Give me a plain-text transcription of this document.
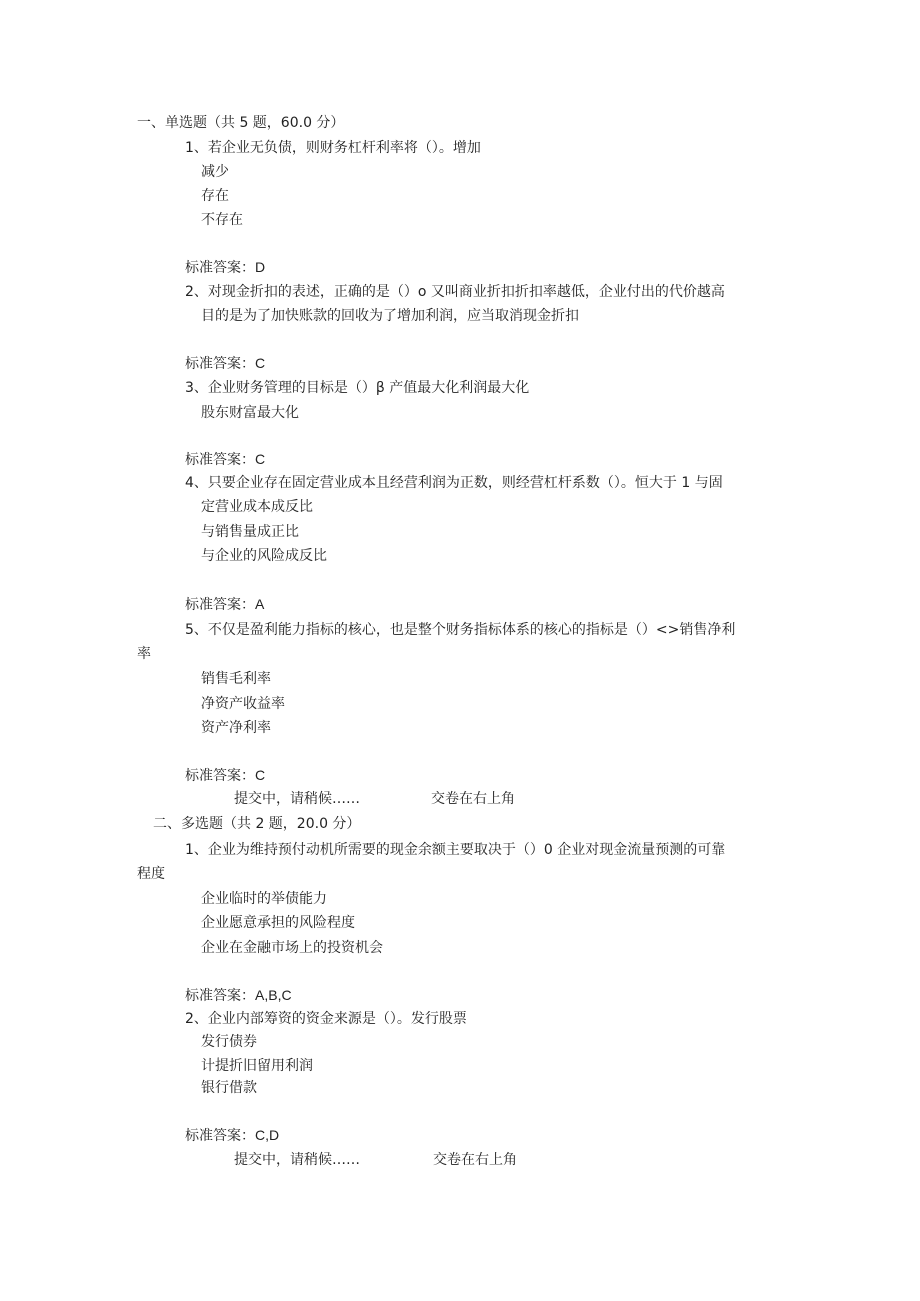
一、单选题（共 5 题，60.0 分）
1、若企业无负债，则财务杠杆利率将（）。增加
减少
存在
不存在
标准答案：D
2、对现金折扣的表述，正确的是（）o 又叫商业折扣折扣率越低，企业付出的代价越高
目的是为了加快账款的回收为了增加利润，应当取消现金折扣
标准答案：C
3、企业财务管理的目标是（）β 产值最大化利润最大化
股东财富最大化
标准答案：C
4、只要企业存在固定营业成本且经营利润为正数，则经营杠杆系数（）。恒大于 1 与固
定营业成本成反比
与销售量成正比
与企业的风险成反比
标准答案：A
5、不仅是盈利能力指标的核心，也是整个财务指标体系的核心的指标是（）<>销售净利
率
销售毛利率
净资产收益率
资产净利率
标准答案：C
提交中，请稍候……	交卷在右上角
二、多选题（共 2 题，20.0 分）
1、企业为维持预付动机所需要的现金余额主要取决于（）0 企业对现金流量预测的可靠
程度
企业临时的举债能力
企业愿意承担的风险程度
企业在金融市场上的投资机会
标准答案：A,B,C
2、企业内部筹资的资金来源是（）。发行股票
发行债券
计提折旧留用利润
银行借款
标准答案：C,D
提交中，请稍候……	交卷在右上角
